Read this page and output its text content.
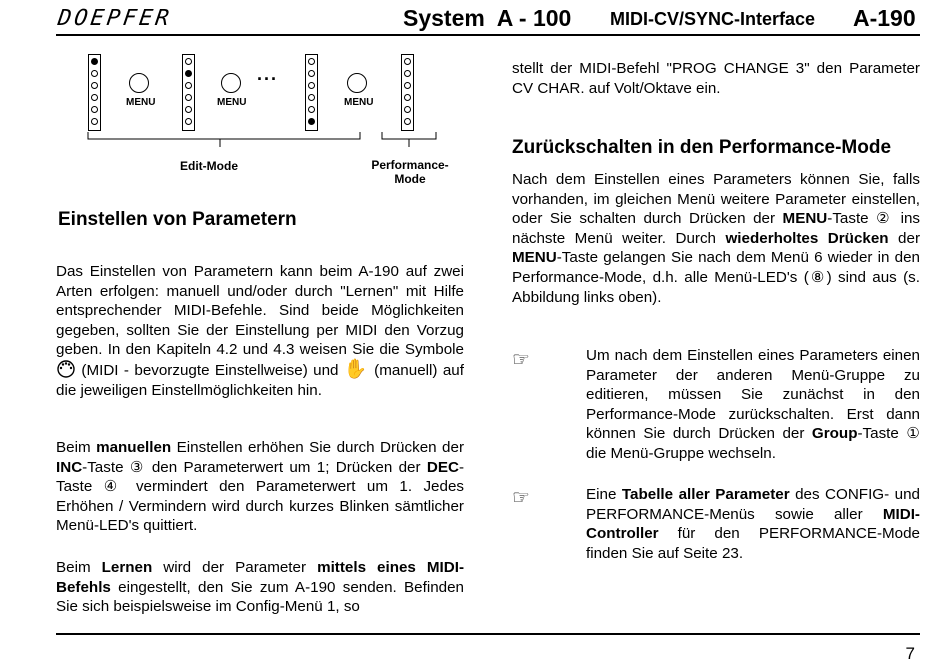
DOEPFER	System  A - 100 MIDI-CV/SYNC-Interface A-190
MENU	MENU
...
MENU
Edit-Mode	Performance-
Mode
Einstellen von Parametern
Das Einstellen von Parametern kann beim A-190 auf zwei Arten erfolgen: manuell und/oder durch "Lernen" mit Hilfe entsprechender MIDI-Befehle. Sind beide Möglichkeiten gegeben, sollten Sie der Einstellung per MIDI den Vorzug geben. In den Kapiteln 4.2 und 4.3 weisen Sie die Symbole  (MIDI - bevorzugte Einstellweise) und ✋ (manuell) auf die jeweiligen Einstellmöglichkeiten hin.
Beim manuellen Einstellen erhöhen Sie durch Drücken der INC-Taste ③ den Parameterwert um 1; Drücken der DEC-Taste ④ vermindert den Parameterwert um 1. Jedes Erhöhen / Vermindern wird durch kurzes Blinken sämtlicher Menü-LED's quittiert.
Beim Lernen wird der Parameter mittels eines MIDI-Befehls eingestellt, den Sie zum A-190 senden. Befinden Sie sich beispielsweise im Config-Menü 1, so
stellt der MIDI-Befehl "PROG CHANGE 3" den Parameter CV CHAR. auf Volt/Oktave ein.
Zurückschalten in den Performance-Mode
Nach dem Einstellen eines Parameters können Sie, falls vorhanden, im gleichen Menü weitere Parameter einstellen, oder Sie schalten durch Drücken der MENU-Taste ② ins nächste Menü weiter. Durch wiederholtes Drücken der MENU-Taste gelangen Sie nach dem Menü 6 wieder in den Performance-Mode, d.h. alle Menü-LED's (⑧) sind aus (s. Abbildung links oben).
☞	Um nach dem Einstellen eines Parameters einen Parameter der anderen Menü-Gruppe zu editieren, müssen Sie zunächst in den Performance-Mode zurückschalten. Erst dann können Sie durch Drücken der Group-Taste ① die Menü-Gruppe wechseln.
☞	Eine Tabelle aller Parameter des CONFIG- und PERFORMANCE-Menüs sowie aller MIDI-Controller für den PERFORMANCE-Mode finden Sie auf Seite 23.
7
